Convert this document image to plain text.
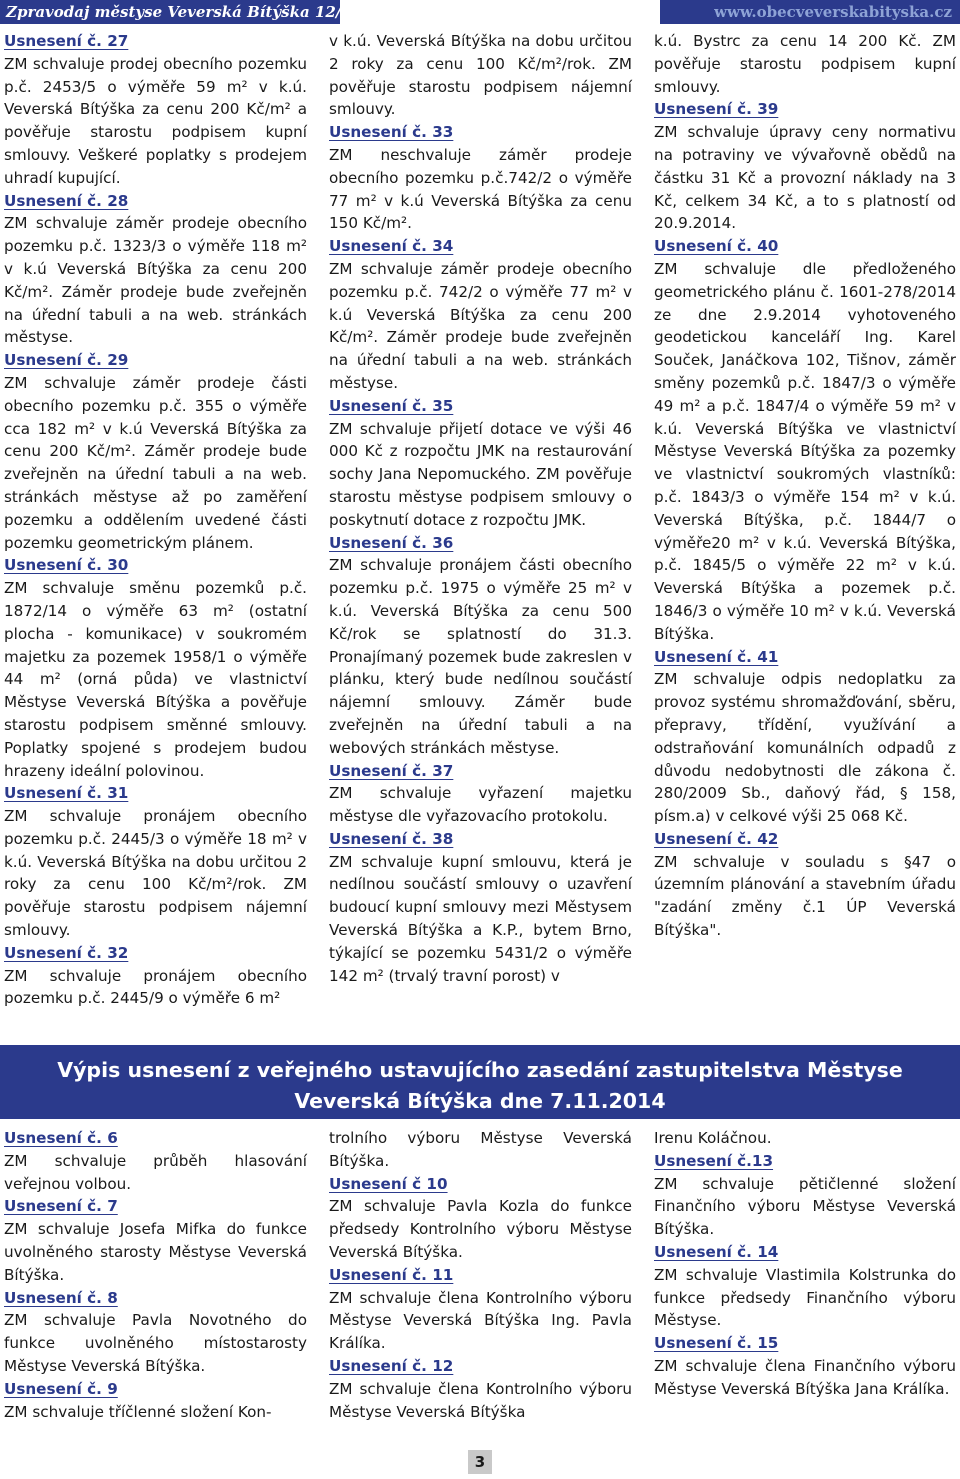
Zpravodaj městyse Veverská Bítýška 12/2014	www.obecveverskabityska.cz
Usnesení č. 27

ZM schvaluje prodej obecního pozemku p.č. 2453/5 o výměře 59 m² v k.ú. Veverská Bítýška za cenu 200 Kč/m² a pověřuje starostu podpisem kupní smlouvy. Veškeré poplatky s prodejem uhradí kupující.

Usnesení č. 28

ZM schvaluje záměr prodeje obecního pozemku p.č. 1323/3 o výměře 118 m² v k.ú Veverská Bítýška za cenu 200 Kč/m². Záměr prodeje bude zveřejněn na úřední tabuli a na web. stránkách městyse.

Usnesení č. 29

ZM schvaluje záměr prodeje části obecního pozemku p.č. 355 o výměře cca 182 m² v k.ú Veverská Bítýška za cenu 200 Kč/m². Záměr prodeje bude zveřejněn na úřední tabuli a na web. stránkách městyse až po zaměření pozemku a oddělením uvedené části pozemku geometrickým plánem.

Usnesení č. 30

ZM schvaluje směnu pozemků p.č. 1872/14 o výměře 63 m² (ostatní plocha - komunikace) v soukromém majetku za pozemek 1958/1 o výměře 44 m² (orná půda) ve vlastnictví Městyse Veverská Bítýška a pověřuje starostu podpisem směnné smlouvy. Poplatky spojené s prodejem budou hrazeny ideální polovinou.

Usnesení č. 31

ZM schvaluje pronájem obecního pozemku p.č. 2445/3 o výměře 18 m² v k.ú. Veverská Bítýška na dobu určitou 2 roky za cenu 100 Kč/m²/rok. ZM pověřuje starostu podpisem nájemní smlouvy.

Usnesení č. 32

ZM schvaluje pronájem obecního pozemku p.č. 2445/9 o výměře 6 m²

v k.ú. Veverská Bítýška na dobu určitou 2 roky za cenu 100 Kč/m²/rok. ZM pověřuje starostu podpisem nájemní smlouvy.

Usnesení č. 33

ZM neschvaluje záměr prodeje obecního pozemku p.č.742/2 o výměře 77 m² v k.ú Veverská Bítýška za cenu 150 Kč/m².

Usnesení č. 34

ZM schvaluje záměr prodeje obecního pozemku p.č. 742/2 o výměře 77 m² v k.ú Veverská Bítýška za cenu 200 Kč/m². Záměr prodeje bude zveřejněn na úřední tabuli a na web. stránkách městyse.

Usnesení č. 35

ZM schvaluje přijetí dotace ve výši 46 000 Kč z rozpočtu JMK na restaurování sochy Jana Nepomuckého. ZM pověřuje starostu městyse podpisem smlouvy o poskytnutí dotace z rozpočtu JMK.

Usnesení č. 36

ZM schvaluje pronájem části obecního pozemku p.č. 1975 o výměře 25 m² v k.ú. Veverská Bítýška za cenu 500 Kč/rok se splatností do 31.3. Pronajímaný pozemek bude zakreslen v plánku, který bude nedílnou součástí nájemní smlouvy. Záměr bude zveřejněn na úřední tabuli a na webových stránkách městyse.

Usnesení č. 37

ZM schvaluje vyřazení majetku městyse dle vyřazovacího protokolu.

Usnesení č. 38

ZM schvaluje kupní smlouvu, která je nedílnou součástí smlouvy o uzavření budoucí kupní smlouvy mezi Městysem Veverská Bítýška a K.P., bytem Brno, týkající se pozemku 5431/2 o výměře 142 m² (trvalý travní porost) v

k.ú. Bystrc za cenu 14 200 Kč. ZM pověřuje starostu podpisem kupní smlouvy.

Usnesení č. 39

ZM schvaluje úpravy ceny normativu na potraviny ve vývařovně obědů na částku 31 Kč a provozní náklady na 3 Kč, celkem 34 Kč, a to s platností od 20.9.2014.

Usnesení č. 40

ZM schvaluje dle předloženého geometrického plánu č. 1601-278/2014 ze dne 2.9.2014 vyhotoveného geodetickou kanceláří Ing. Karel Souček, Janáčkova 102, Tišnov, záměr směny pozemků p.č. 1847/3 o výměře 49 m² a p.č. 1847/4 o výměře 59 m² v k.ú. Veverská Bítýška ve vlastnictví Městyse Veverská Bítýška za pozemky ve vlastnictví soukromých vlastníků: p.č. 1843/3 o výměře 154 m² v k.ú. Veverská Bítýška, p.č. 1844/7 o výměře20 m² v k.ú. Veverská Bítýška, p.č. 1845/5 o výměře 22 m² v k.ú. Veverská Bítýška a pozemek p.č. 1846/3 o výměře 10 m² v k.ú. Veverská Bítýška.

Usnesení č. 41

ZM schvaluje odpis nedoplatku za provoz systému shromažďování, sběru, přepravy, třídění, využívání a odstraňování komunálních odpadů z důvodu nedobytnosti dle zákona č. 280/2009 Sb., daňový řád, § 158, písm.a) v celkové výši 25 068 Kč.

Usnesení č. 42

ZM schvaluje v souladu s §47 o územním plánování a stavebním úřadu "zadání změny č.1 ÚP Veverská Bítýška".

Výpis usnesení z veřejného ustavujícího zasedání zastupitelstva Městyse Veverská Bítýška dne 7.11.2014
Usnesení č. 6

ZM schvaluje průběh hlasování veřejnou volbou.

Usnesení č. 7

ZM schvaluje Josefa Mifka do funkce uvolněného starosty Městyse Veverská Bítýška.

Usnesení č. 8

ZM schvaluje Pavla Novotného do funkce uvolněného místostarosty Městyse Veverská Bítýška.

Usnesení č. 9

ZM schvaluje tříčlenné složení Kon-

trolního výboru Městyse Veverská Bítýška.

Usnesení č 10

ZM schvaluje Pavla Kozla do funkce předsedy Kontrolního výboru Městyse Veverská Bítýška.

Usnesení č. 11

ZM schvaluje člena Kontrolního výboru Městyse Veverská Bítýška Ing. Pavla Králíka.

Usnesení č. 12

ZM schvaluje člena Kontrolního výboru Městyse Veverská Bítýška

Irenu Koláčnou.

Usnesení č.13

ZM schvaluje pětičlenné složení Finančního výboru Městyse Veverská Bítýška.

Usnesení č. 14

ZM schvaluje Vlastimila Kolstrunka do funkce předsedy Finančního výboru Městyse.

Usnesení č. 15

ZM schvaluje člena Finančního výboru Městyse Veverská Bítýška Jana Králíka.

3
